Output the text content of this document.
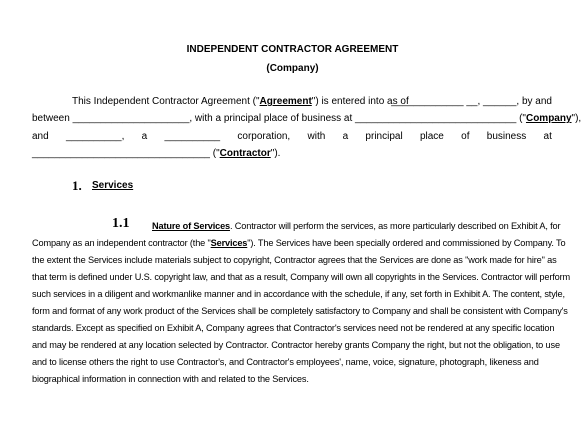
INDEPENDENT CONTRACTOR AGREEMENT
(Company)
This Independent Contractor Agreement ("Agreement") is entered into as of
_____________ __, ______, by and
between _____________________, with a principal place of business at _____________________________ ("Company"),
and __________, a __________ corporation, with a principal place of business at
________________________________ ("Contractor").
1. Services
1.1 Nature of Services. Contractor will perform the services, as more particularly described on Exhibit A, for
Company as an independent contractor (the "Services"). The Services have been specially ordered and commissioned by Company. To
the extent the Services include materials subject to copyright, Contractor agrees that the Services are done as "work made for hire" as
that term is defined under U.S. copyright law, and that as a result, Company will own all copyrights in the Services. Contractor will perform
such services in a diligent and workmanlike manner and in accordance with the schedule, if any, set forth in Exhibit A. The content, style,
form and format of any work product of the Services shall be completely satisfactory to Company and shall be consistent with Company's
standards. Except as specified on Exhibit A, Company agrees that Contractor's services need not be rendered at any specific location
and may be rendered at any location selected by Contractor. Contractor hereby grants Company the right, but not the obligation, to use
and to license others the right to use Contractor's, and Contractor's employees', name, voice, signature, photograph, likeness and
biographical information in connection with and related to the Services.
